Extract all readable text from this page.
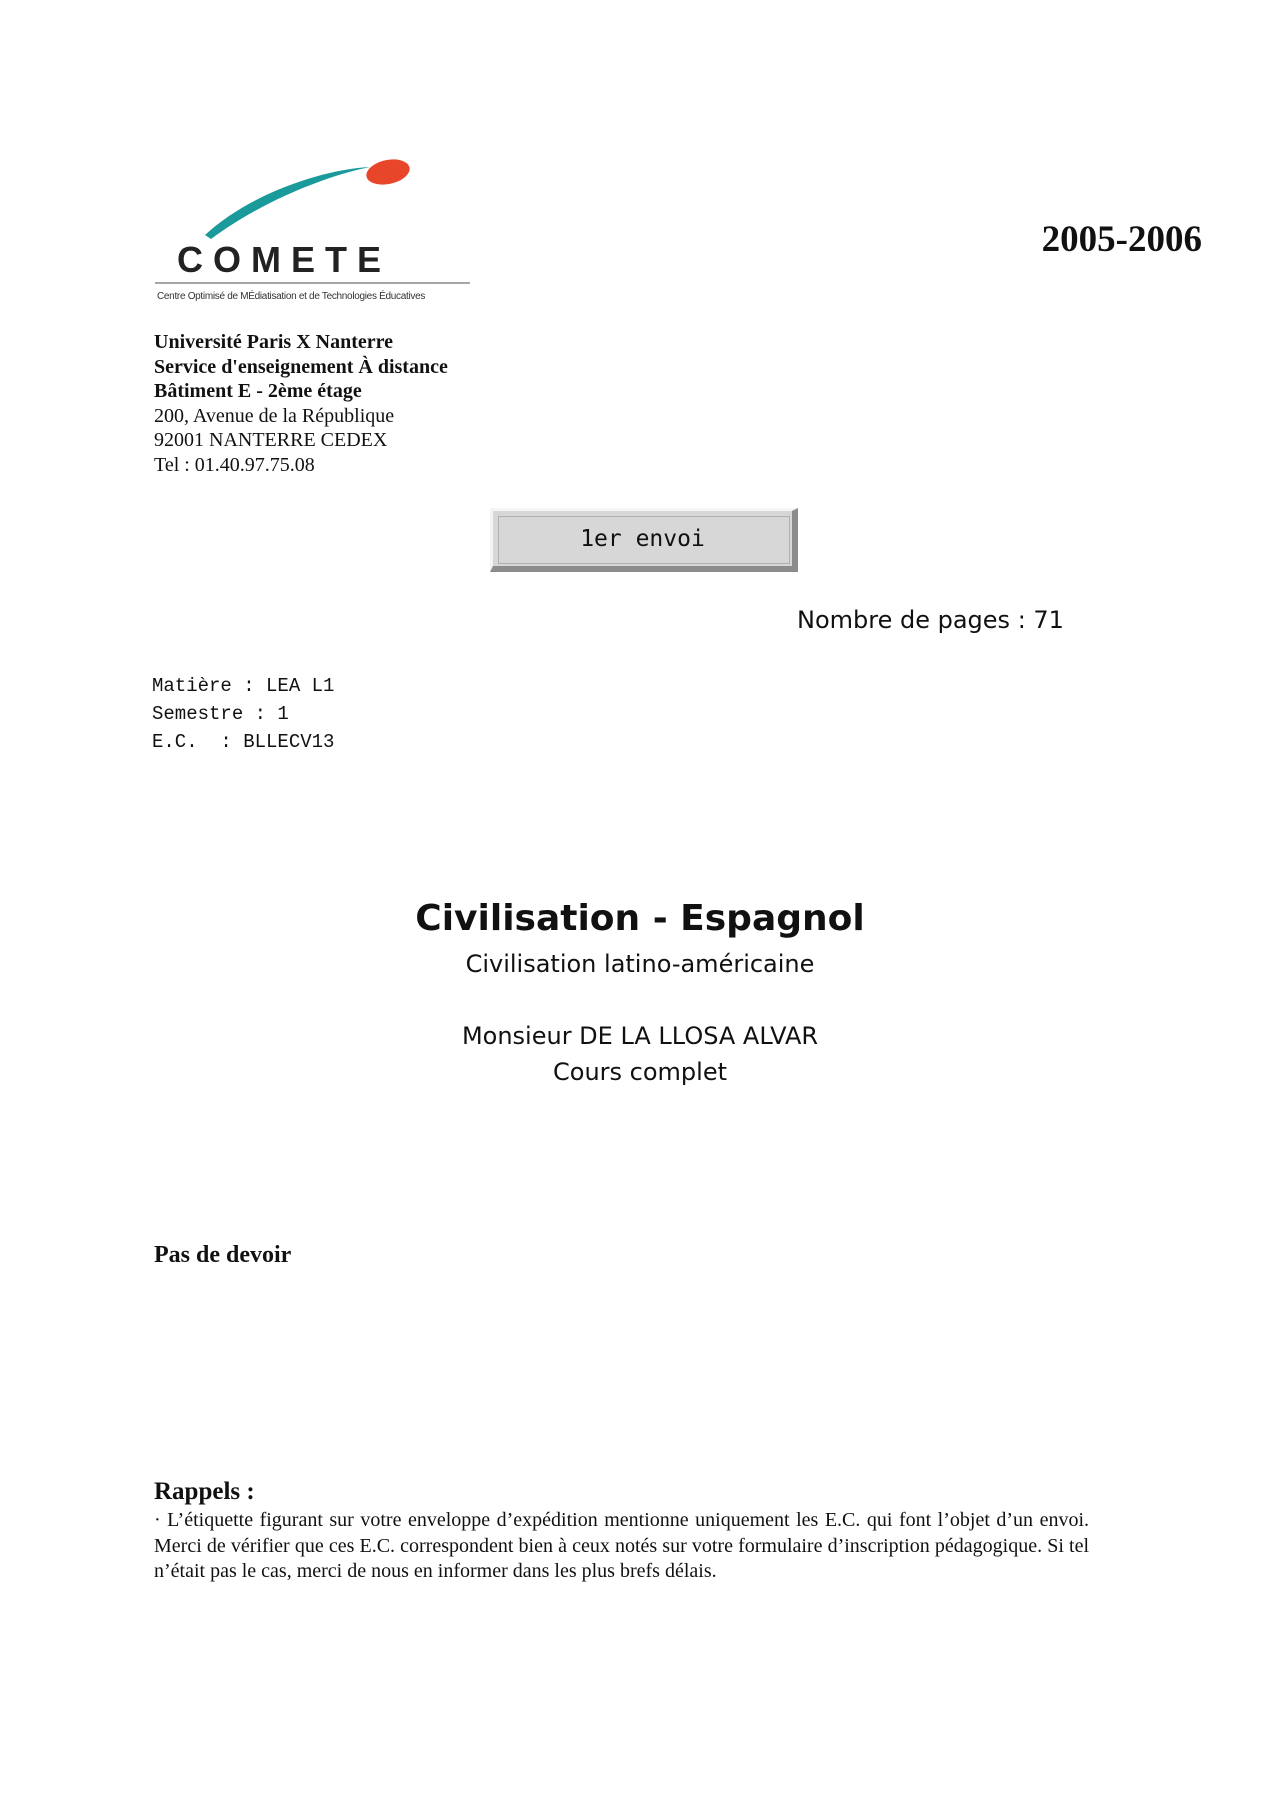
COMETE
Centre Optimisé de MÉdiatisation et de Technologies Éducatives
2005-2006
Université Paris X Nanterre
Service d'enseignement À distance
Bâtiment E - 2ème étage
200, Avenue de la République
92001 NANTERRE CEDEX
Tel : 01.40.97.75.08
1er envoi
Nombre de pages : 71
Matière : LEA L1
Semestre : 1
E.C.  : BLLECV13
Civilisation - Espagnol
Civilisation latino-américaine
Monsieur DE LA LLOSA ALVAR
Cours complet
Pas de devoir
Rappels :
· L’étiquette figurant sur votre enveloppe d’expédition mentionne uniquement les E.C. qui font l’objet d’un envoi. Merci de vérifier que ces E.C. correspondent bien à ceux notés sur votre formulaire d’inscription pédagogique. Si tel n’était pas le cas, merci de nous en informer dans les plus brefs délais.
